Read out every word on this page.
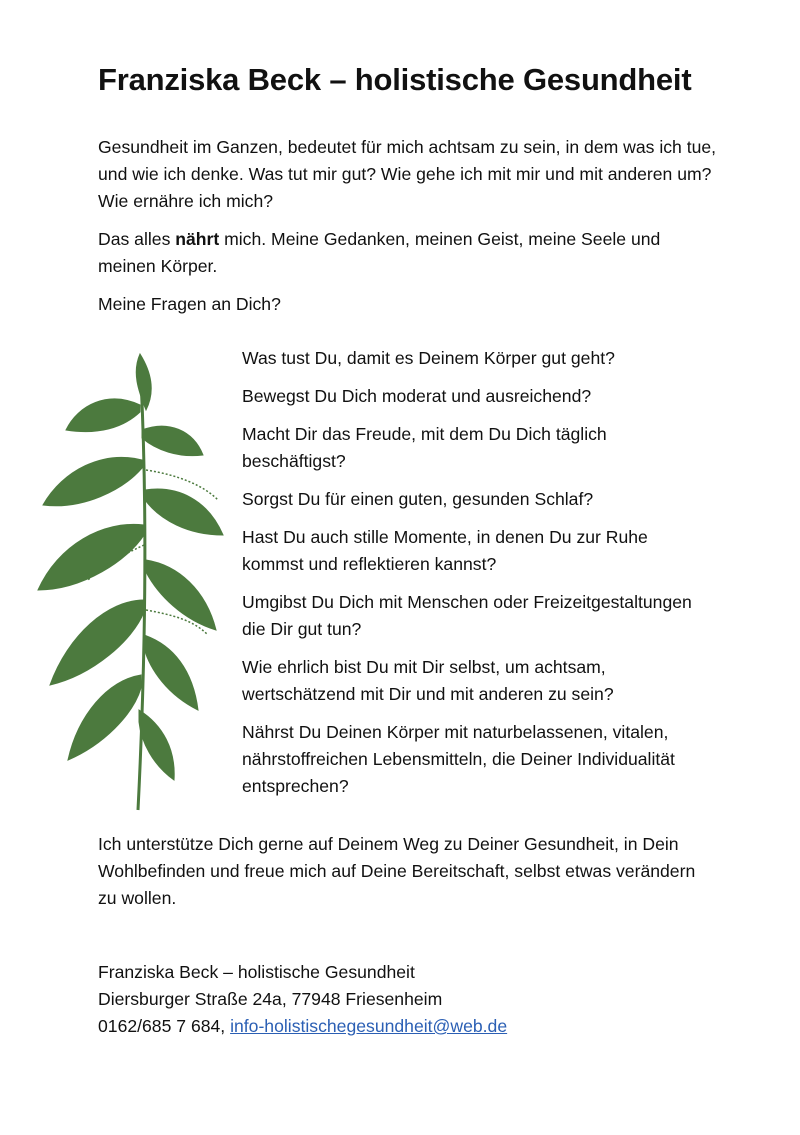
Franziska Beck – holistische Gesundheit

Gesundheit im Ganzen, bedeutet für mich achtsam zu sein, in dem was ich tue, und wie ich denke. Was tut mir gut? Wie gehe ich mit mir und mit anderen um? Wie ernähre ich mich?

Das alles nährt mich. Meine Gedanken, meinen Geist, meine Seele und meinen Körper.

Meine Fragen an Dich?

Was tust Du, damit es Deinem Körper gut geht?

Bewegst Du Dich moderat und ausreichend?

Macht Dir das Freude, mit dem Du Dich täglich beschäftigst?

Sorgst Du für einen guten, gesunden Schlaf?

Hast Du auch stille Momente, in denen Du zur Ruhe kommst und reflektieren kannst?

Umgibst Du Dich mit Menschen oder Freizeitgestaltungen die Dir gut tun?

Wie ehrlich bist Du mit Dir selbst, um achtsam, wertschätzend mit Dir und mit anderen zu sein?

Nährst Du Deinen Körper mit naturbelassenen, vitalen, nährstoffreichen Lebensmitteln, die Deiner Individualität entsprechen?

Ich unterstütze Dich gerne auf Deinem Weg zu Deiner Gesundheit, in Dein Wohlbefinden und freue mich auf Deine Bereitschaft, selbst etwas verändern zu wollen.

Franziska Beck – holistische Gesundheit
Diersburger Straße 24a, 77948 Friesenheim
0162/685 7 684, info-holistischegesundheit@web.de
